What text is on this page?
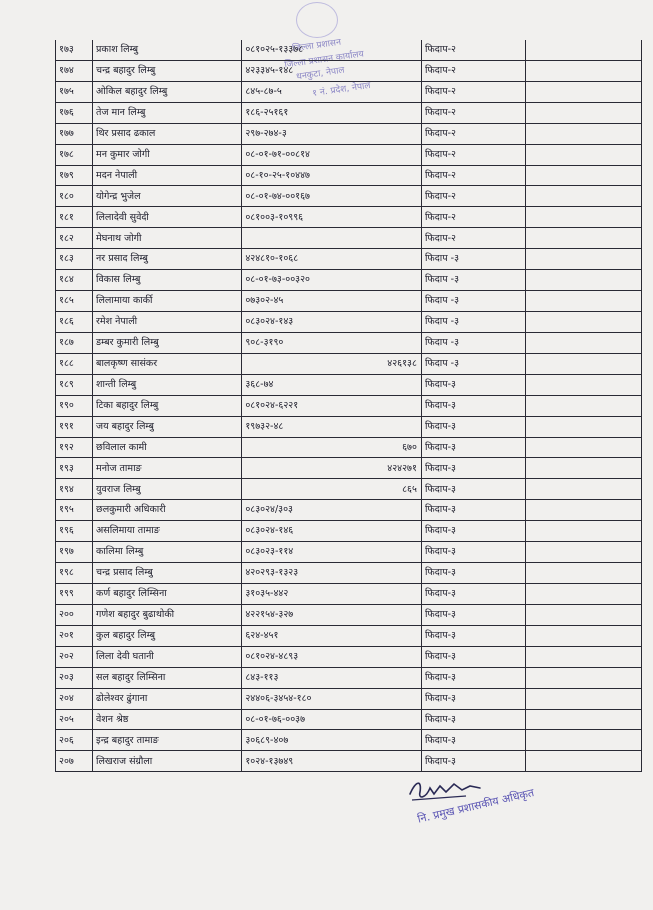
जिल्ला प्रशासन
जिल्ला प्रशासन कार्यालय
धनकुटा, नेपाल
१ नं. प्रदेश, नेपाल
१७३	प्रकाश लिम्बु	०८१०२५-१३३७८	फिदाप-२	
१७४	चन्द्र बहादुर लिम्बु	४२३३४५-१४८	फिदाप-२	
१७५	ओकिल बहादुर लिम्बु	८४५-८७-५	फिदाप-२	
१७६	तेज मान लिम्बु	१८६-२५१६१	फिदाप-२	
१७७	थिर प्रसाद ढकाल	२९७-२७४-३	फिदाप-२	
१७८	मन कुमार जोगी	०८-०१-७१-००८१४	फिदाप-२	
१७९	मदन नेपाली	०८-१०-२५-१०४४७	फिदाप-२	
१८०	योगेन्द्र भुजेल	०८-०१-७४-००१६७	फिदाप-२	
१८१	लिलादेवी सुवेदी	०८१००३-१०९९६	फिदाप-२	
१८२	मेघनाथ जोगी		फिदाप-२	
१८३	नर प्रसाद लिम्बु	४२४८१०-१०६८	फिदाप -३	
१८४	विकास लिम्बु	०८-०१-७३-००३२०	फिदाप -३	
१८५	लिलामाया कार्की	०७३०२-४५	फिदाप -३	
१८६	रमेश नेपाली	०८३०२४-१४३	फिदाप -३	
१८७	डम्बर कुमारी लिम्बु	९०८-३१९०	फिदाप -३	
१८८	बालकृष्ण सासंकर	४२६१३८	फिदाप -३	
१८९	शान्ती लिम्बु	३६८-७४	फिदाप-३	
१९०	टिका बहादुर लिम्बु	०८१०२४-६२२१	फिदाप-३	
१९१	जय बहादुर लिम्बु	१९७३२-४८	फिदाप-३	
१९२	छविलाल कामी	६७०	फिदाप-३	
१९३	मनोज तामाङ	४२४२७१	फिदाप-३	
१९४	युवराज लिम्बु	८६५	फिदाप-३	
१९५	छलकुमारी अधिकारी	०८३०२४/३०३	फिदाप-३	
१९६	असलिमाया तामाङ	०८३०२४-१४६	फिदाप-३	
१९७	कालिमा लिम्बु	०८३०२३-११४	फिदाप-३	
१९८	चन्द्र प्रसाद लिम्बु	४२०२९३-१३२३	फिदाप-३	
१९९	कर्ण बहादुर लिम्सिना	३१०३५-४४२	फिदाप-३	
२००	गणेश बहादुर बुढाथोकी	४२२१५४-३२७	फिदाप-३	
२०१	कुल बहादुर लिम्बु	६२४-४५१	फिदाप-३	
२०२	लिला देवी घतानी	०८१०२४-४८९३	फिदाप-३	
२०३	सल बहादुर लिम्सिना	८४३-११३	फिदाप-३	
२०४	ढोलेश्वर ढुंगाना	२४४०६-३४५४-१८०	फिदाप-३	
२०५	वेशन श्रेष्ठ	०८-०१-७६-००३७	फिदाप-३	
२०६	इन्द्र बहादुर तामाङ	३०६८९-४०७	फिदाप-३	
२०७	लिखराज संग्रौला	१०२४-१३७४९	फिदाप-३	
नि. प्रमुख प्रशासकीय अधिकृत
